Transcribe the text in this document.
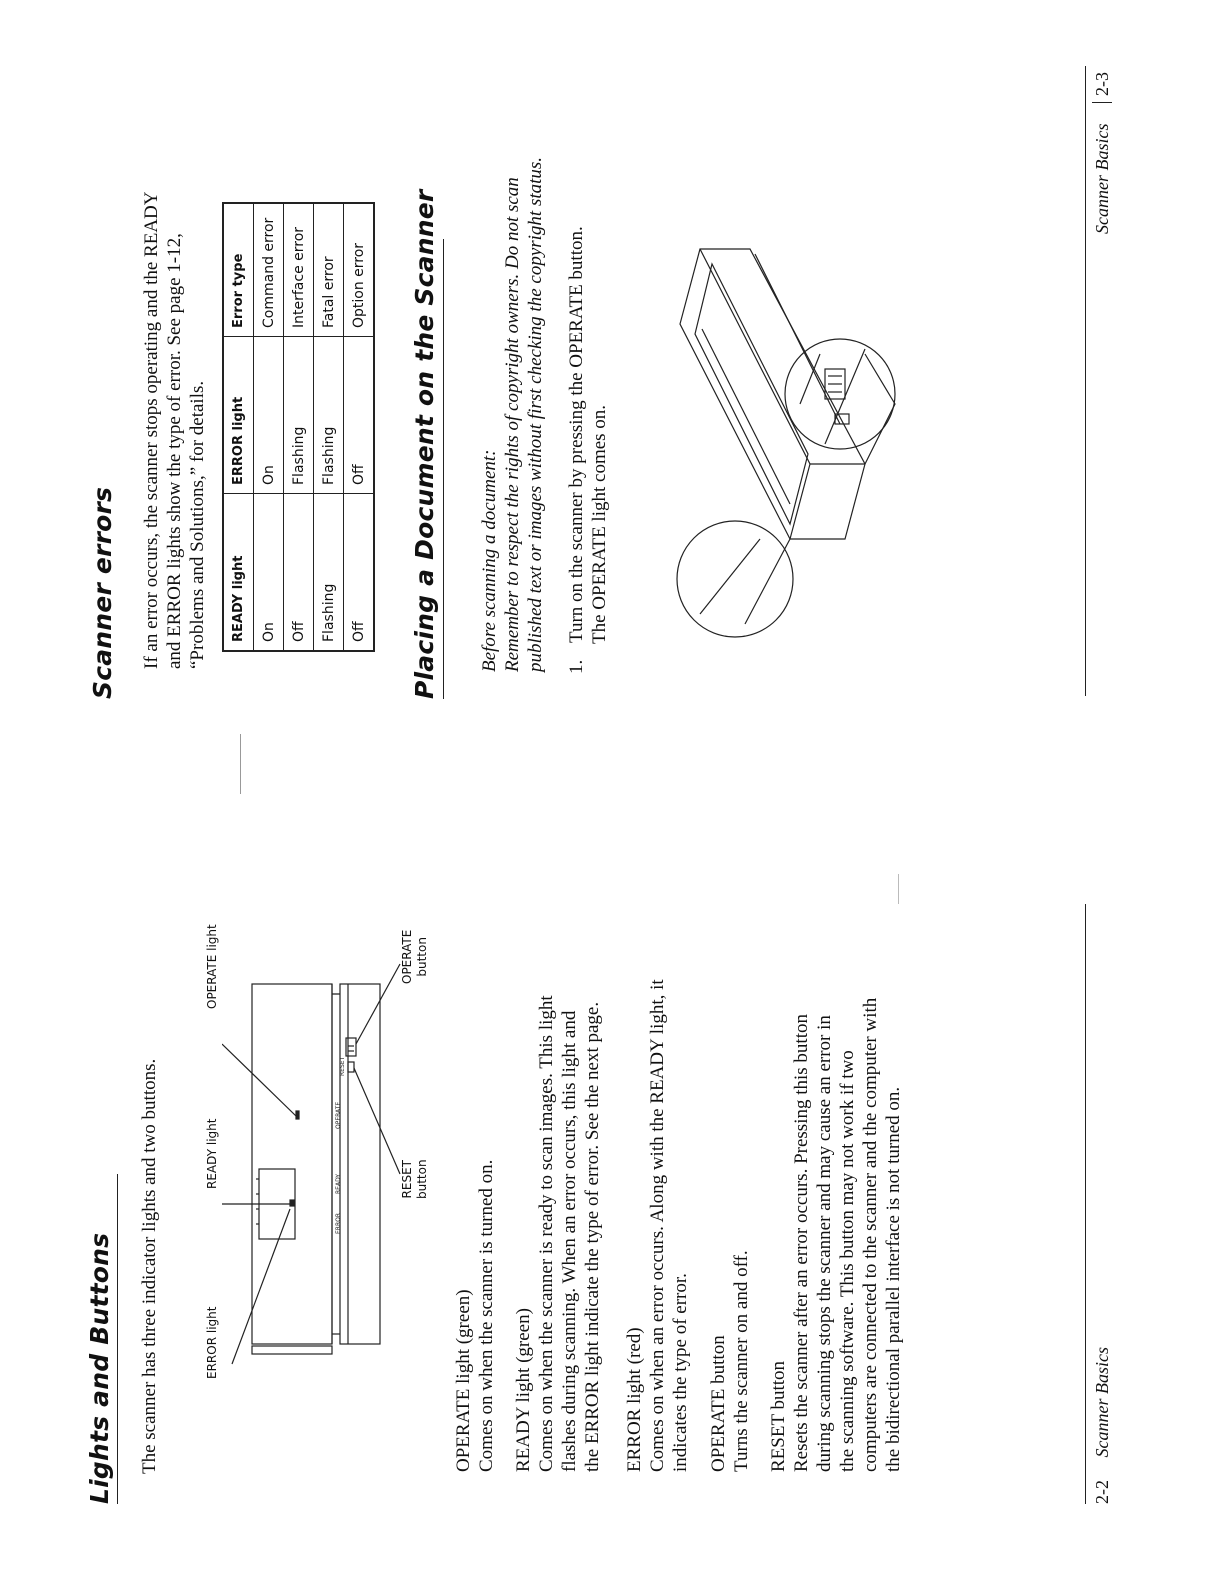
Lights and Buttons The scanner has three indicator lights and two buttons.	ERROR light
READY light
OPERATE light
ERROR
READY
OPERATE
RESET
RESET button
OPERATE button
OPERATE light (green) Comes on when the scanner is turned on. READY light (green) Comes on when the scanner is ready to scan images. This light flashes during scanning. When an error occurs, this light and the ERROR light indicate the type of error. See the next page. ERROR light (red) Comes on when an error occurs. Along with the READY light, it indicates the type of error. OPERATE button Turns the scanner on and off. RESET button Resets the scanner after an error occurs. Pressing this button during scanning stops the scanner and may cause an error in the scanning software. This button may not work if two computers are connected to the scanner and the computer with the bidirectional parallel interface is not turned on.
2-2 Scanner Basics
Scanner errors If an error occurs, the scanner stops operating and the READY and ERROR lights show the type of error. See page 1-12, “Problems and Solutions,” for details. READY light	ERROR light	Error type
On	On	Command error
Off	Flashing	Interface error
Flashing	Flashing	Fatal error
Off	Off	Option error Placing a Document on the Scanner Before scanning a document: Remember to respect the rights of copyright owners. Do not scan published text or images without first checking the copyright status. 1. Turn on the scanner by pressing the OPERATE button. The OPERATE light comes on.
Scanner Basics 2-3
